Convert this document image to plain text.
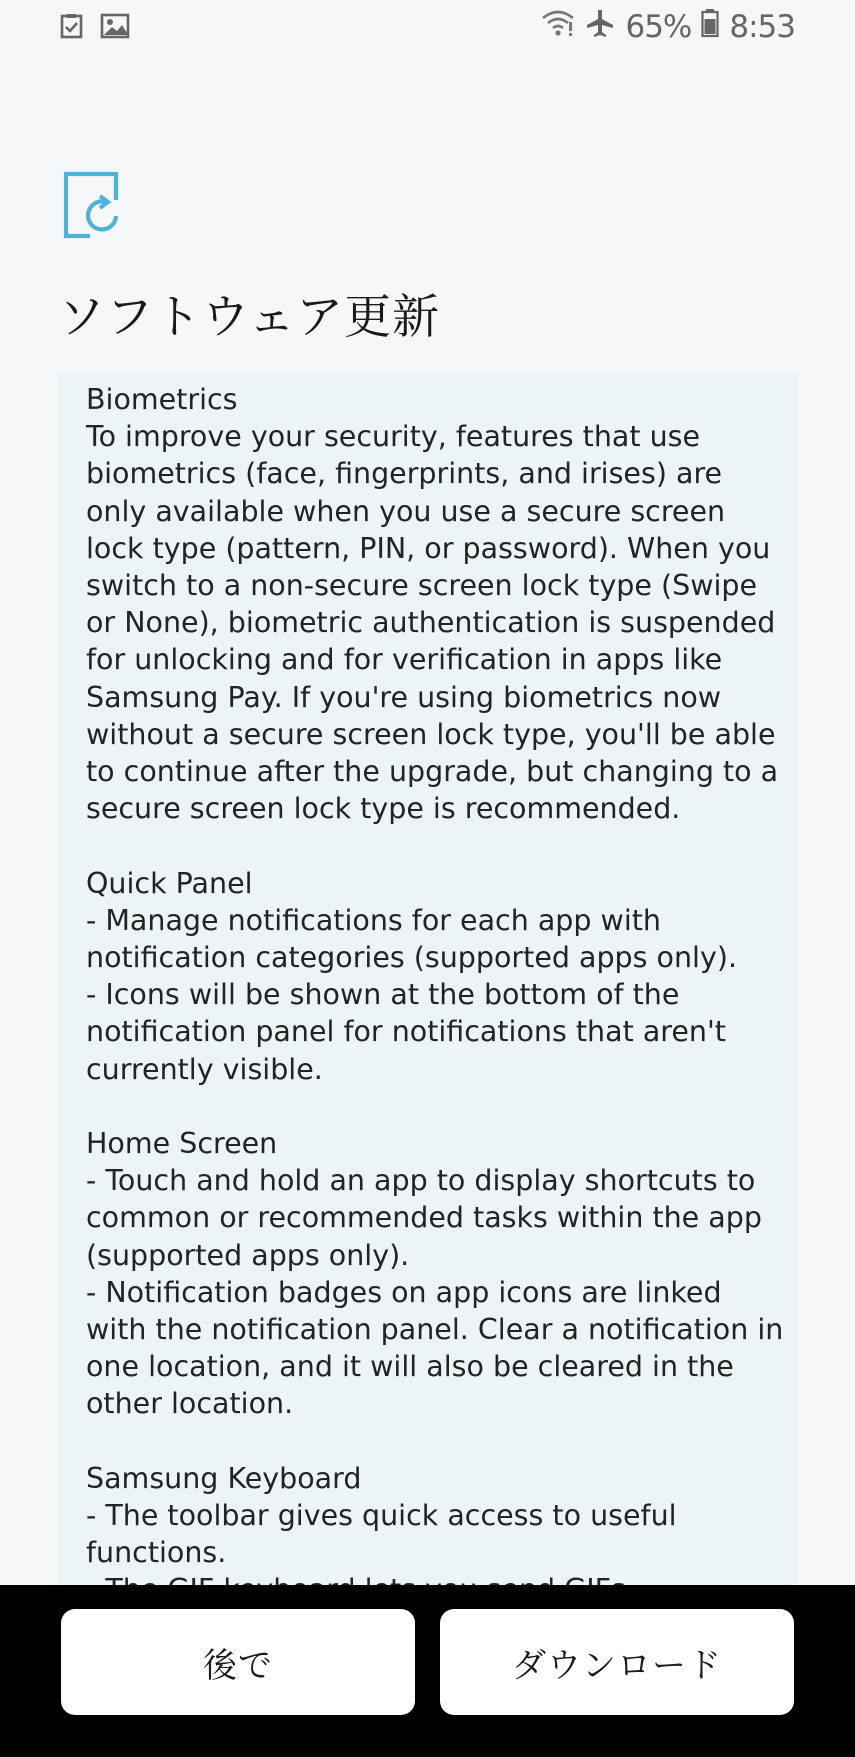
65% 8:53
ソフトウェア更新
Biometrics
To improve your security, features that use biometrics (face, fingerprints, and irises) are only available when you use a secure screen lock type (pattern, PIN, or password). When you switch to a non-secure screen lock type (Swipe or None), biometric authentication is suspended for unlocking and for verification in apps like Samsung Pay. If you're using biometrics now without a secure screen lock type, you'll be able to continue after the upgrade, but changing to a secure screen lock type is recommended.
Quick Panel
- Manage notifications for each app with notification categories (supported apps only).
- Icons will be shown at the bottom of the notification panel for notifications that aren't currently visible.
Home Screen
- Touch and hold an app to display shortcuts to common or recommended tasks within the app (supported apps only).
- Notification badges on app icons are linked with the notification panel. Clear a notification in one location, and it will also be cleared in the other location.
Samsung Keyboard
- The toolbar gives quick access to useful functions.
後で	ダウンロード
